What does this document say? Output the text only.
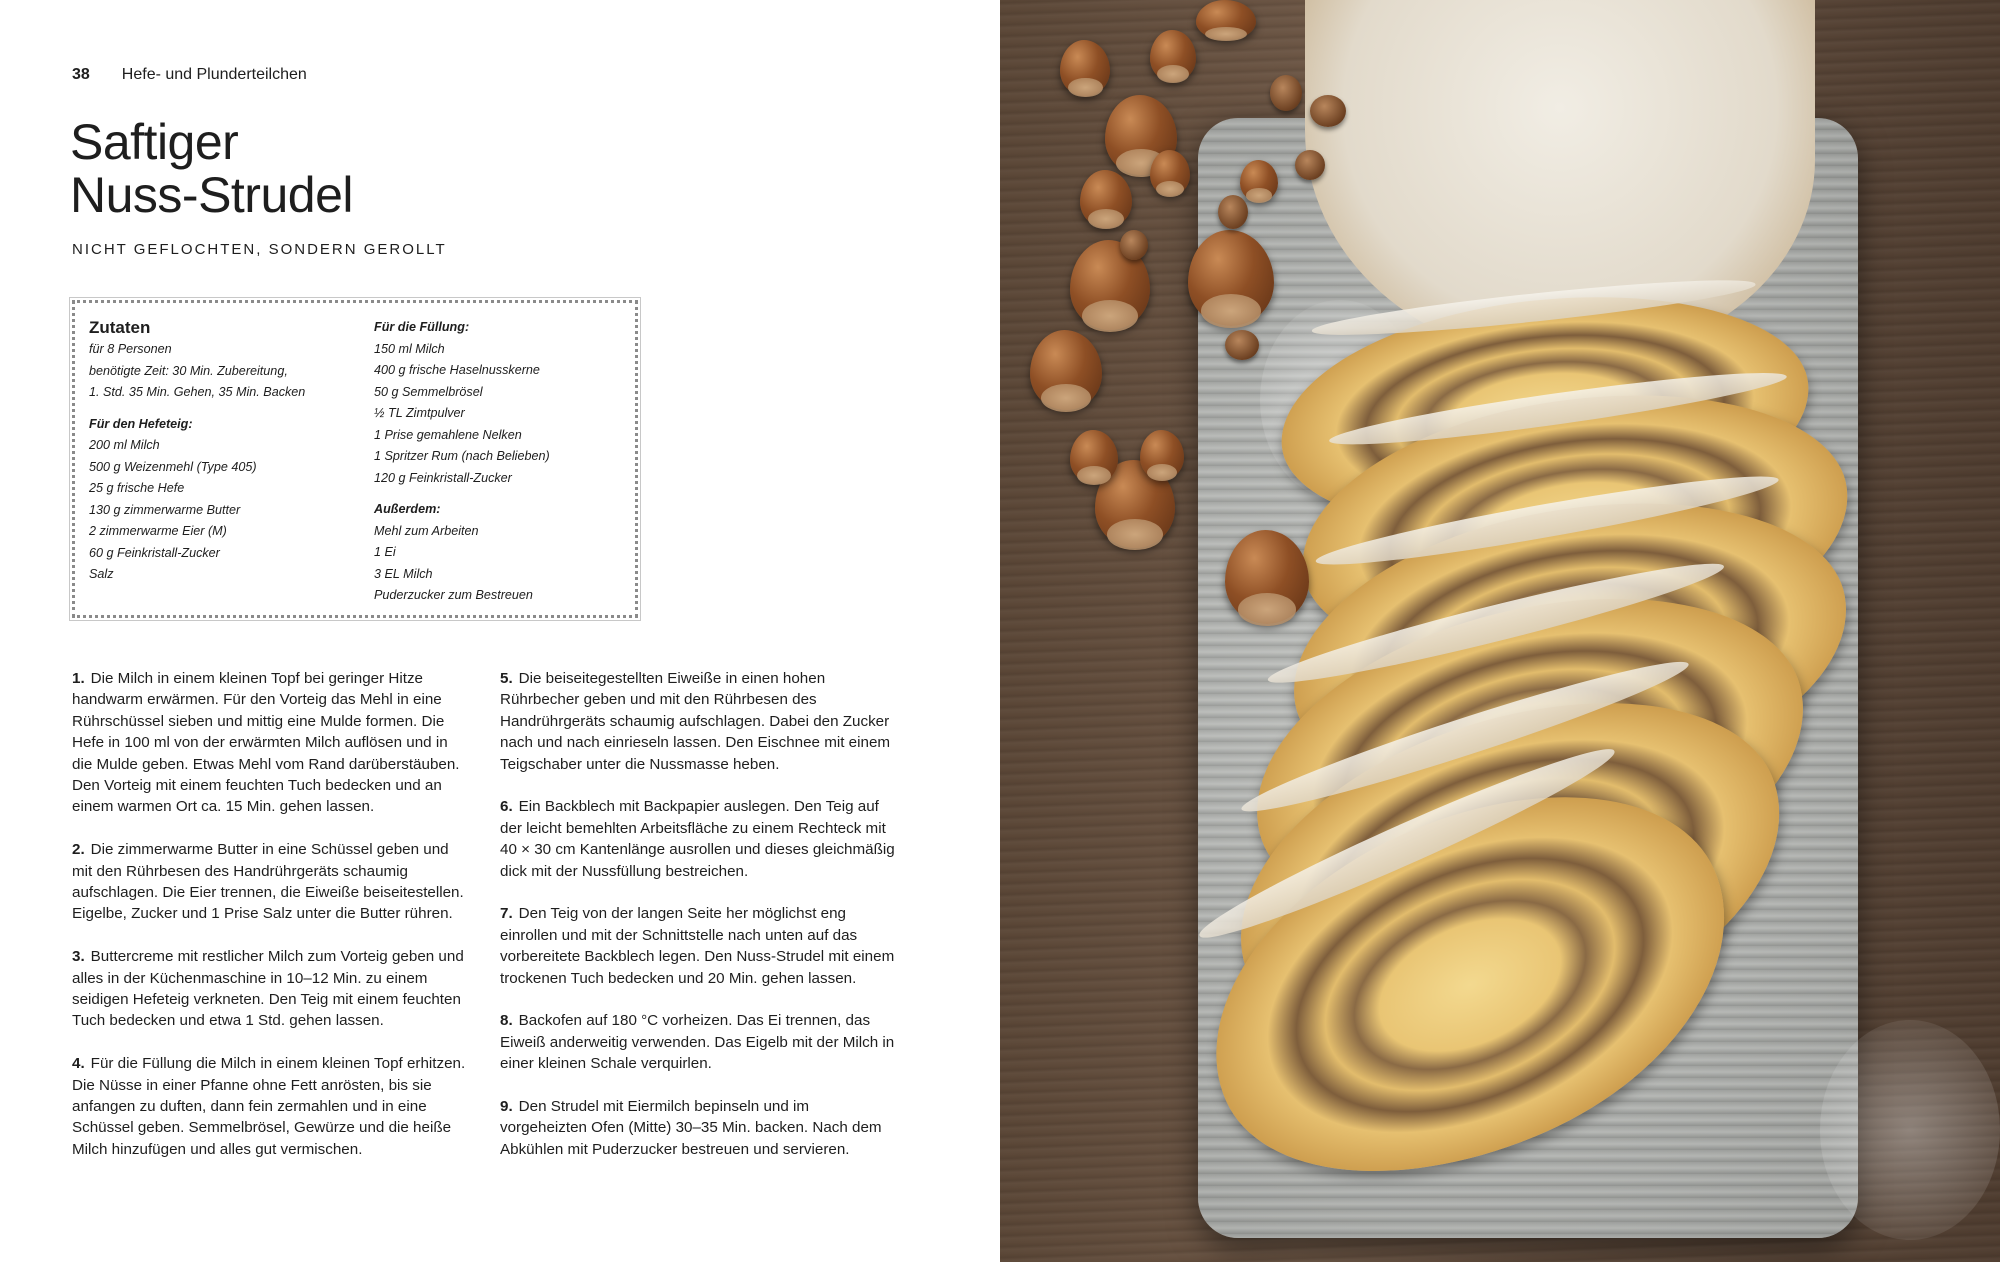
38 Hefe- und Plunderteilchen
Saftiger
Nuss-Strudel
NICHT GEFLOCHTEN, SONDERN GEROLLT
Zutaten
für 8 Personen
benötigte Zeit: 30 Min. Zubereitung,
1. Std. 35 Min. Gehen, 35 Min. Backen
Für den Hefeteig:
200 ml Milch
500 g Weizenmehl (Type 405)
25 g frische Hefe
130 g zimmerwarme Butter
2 zimmerwarme Eier (M)
60 g Feinkristall-Zucker
Salz
Für die Füllung:
150 ml Milch
400 g frische Haselnusskerne
50 g Semmelbrösel
½ TL Zimtpulver
1 Prise gemahlene Nelken
1 Spritzer Rum (nach Belieben)
120 g Feinkristall-Zucker
Außerdem:
Mehl zum Arbeiten
1 Ei
3 EL Milch
Puderzucker zum Bestreuen
1. Die Milch in einem kleinen Topf bei geringer Hitze handwarm erwärmen. Für den Vorteig das Mehl in eine Rührschüssel sieben und mittig eine Mulde formen. Die Hefe in 100 ml von der erwärmten Milch auflösen und in die Mulde geben. Etwas Mehl vom Rand darüberstäuben. Den Vorteig mit einem feuchten Tuch bedecken und an einem warmen Ort ca. 15 Min. gehen lassen.
2. Die zimmerwarme Butter in eine Schüssel geben und mit den Rührbesen des Handrührgeräts schaumig aufschlagen. Die Eier trennen, die Eiweiße beiseitestellen. Eigelbe, Zucker und 1 Prise Salz unter die Butter rühren.
3. Buttercreme mit restlicher Milch zum Vorteig geben und alles in der Küchenmaschine in 10–12 Min. zu einem seidigen Hefeteig verkneten. Den Teig mit einem feuchten Tuch bedecken und etwa 1 Std. gehen lassen.
4. Für die Füllung die Milch in einem kleinen Topf erhitzen. Die Nüsse in einer Pfanne ohne Fett anrösten, bis sie anfangen zu duften, dann fein zermahlen und in eine Schüssel geben. Semmelbrösel, Gewürze und die heiße Milch hinzufügen und alles gut vermischen.
5. Die beiseitegestellten Eiweiße in einen hohen Rührbecher geben und mit den Rührbesen des Handrührgeräts schaumig aufschlagen. Dabei den Zucker nach und nach einrieseln lassen. Den Eischnee mit einem Teigschaber unter die Nussmasse heben.
6. Ein Backblech mit Backpapier auslegen. Den Teig auf der leicht bemehlten Arbeitsfläche zu einem Rechteck mit 40 × 30 cm Kantenlänge ausrollen und dieses gleichmäßig dick mit der Nussfüllung bestreichen.
7. Den Teig von der langen Seite her möglichst eng einrollen und mit der Schnittstelle nach unten auf das vorbereitete Backblech legen. Den Nuss-Strudel mit einem trockenen Tuch bedecken und 20 Min. gehen lassen.
8. Backofen auf 180 °C vorheizen. Das Ei trennen, das Eiweiß anderweitig verwenden. Das Eigelb mit der Milch in einer kleinen Schale verquirlen.
9. Den Strudel mit Eiermilch bepinseln und im vorgeheizten Ofen (Mitte) 30–35 Min. backen. Nach dem Abkühlen mit Puderzucker bestreuen und servieren.
